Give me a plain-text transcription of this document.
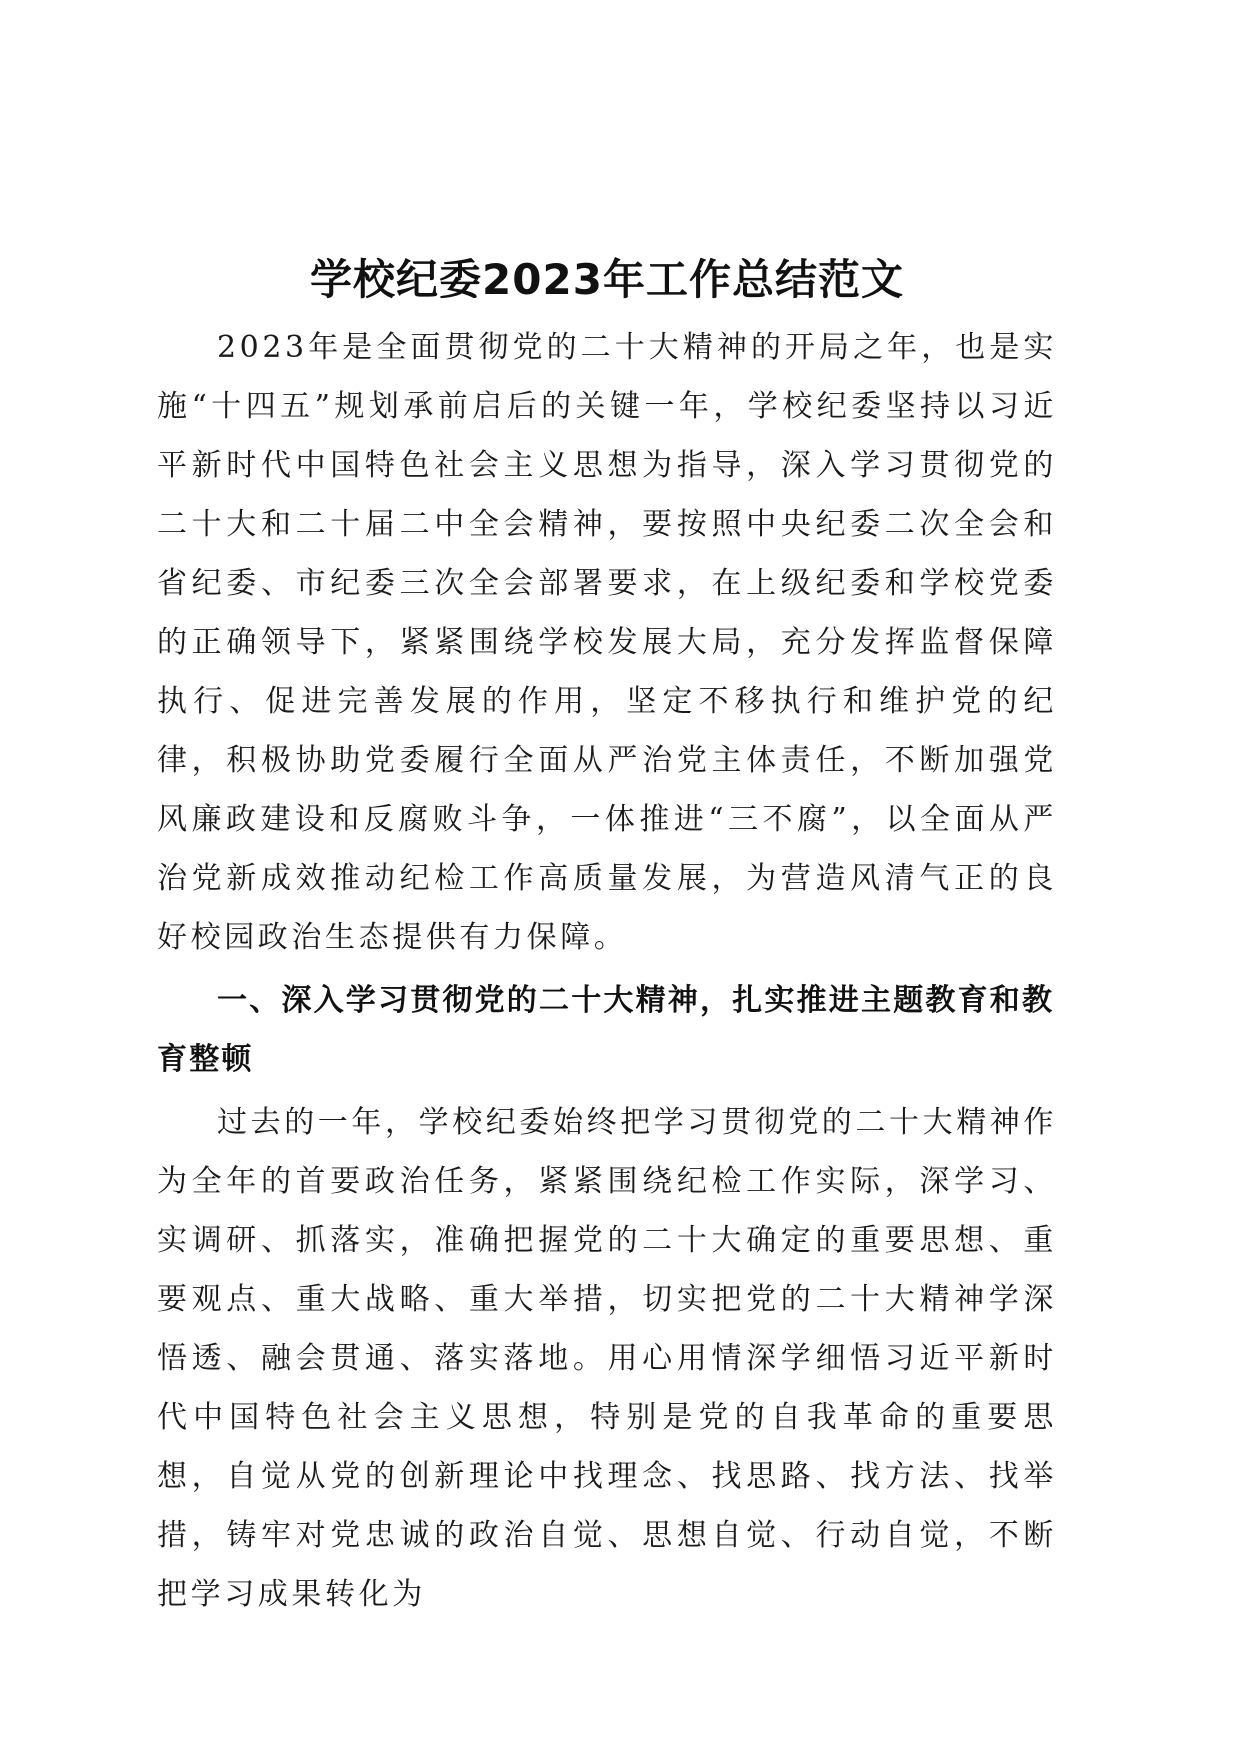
学校纪委2023年工作总结范文

2023年是全面贯彻党的二十大精神的开局之年，也是实施“十四五”规划承前启后的关键一年，学校纪委坚持以习近平新时代中国特色社会主义思想为指导，深入学习贯彻党的二十大和二十届二中全会精神，要按照中央纪委二次全会和省纪委、市纪委三次全会部署要求，在上级纪委和学校党委的正确领导下，紧紧围绕学校发展大局，充分发挥监督保障执行、促进完善发展的作用，坚定不移执行和维护党的纪律，积极协助党委履行全面从严治党主体责任，不断加强党风廉政建设和反腐败斗争，一体推进“三不腐”，以全面从严治党新成效推动纪检工作高质量发展，为营造风清气正的良好校园政治生态提供有力保障。

一、深入学习贯彻党的二十大精神，扎实推进主题教育和教育整顿

过去的一年，学校纪委始终把学习贯彻党的二十大精神作为全年的首要政治任务，紧紧围绕纪检工作实际，深学习、实调研、抓落实，准确把握党的二十大确定的重要思想、重要观点、重大战略、重大举措，切实把党的二十大精神学深悟透、融会贯通、落实落地。用心用情深学细悟习近平新时代中国特色社会主义思想，特别是党的自我革命的重要思想，自觉从党的创新理论中找理念、找思路、找方法、找举措，铸牢对党忠诚的政治自觉、思想自觉、行动自觉，不断把学习成果转化为
